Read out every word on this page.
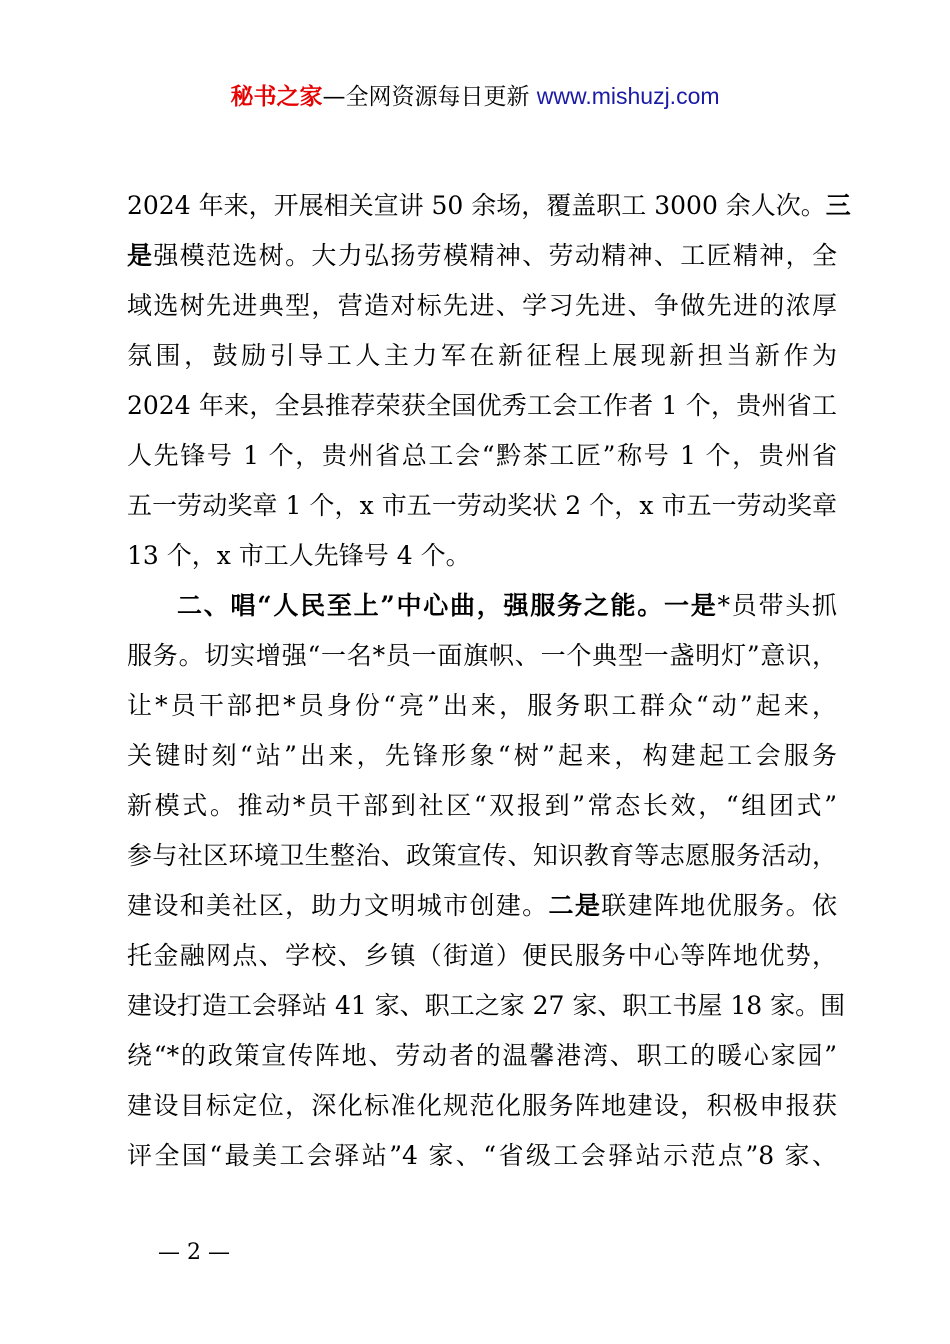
秘书之家—全网资源每日更新 www.mishuzj.com
2024 年来，开展相关宣讲 50 余场，覆盖职工 3000 余人次。三
是强模范选树。大力弘扬劳模精神、劳动精神、工匠精神，全
域选树先进典型，营造对标先进、学习先进、争做先进的浓厚
氛围，鼓励引导工人主力军在新征程上展现新担当新作为
2024 年来，全县推荐荣获全国优秀工会工作者 1 个，贵州省工
人先锋号 1 个，贵州省总工会“黔茶工匠”称号 1 个，贵州省
五一劳动奖章 1 个，x 市五一劳动奖状 2 个，x 市五一劳动奖章
13 个，x 市工人先锋号 4 个。
二、唱“人民至上”中心曲，强服务之能。一是*员带头抓
服务。切实增强“一名*员一面旗帜、一个典型一盏明灯”意识，
让*员干部把*员身份“亮”出来，服务职工群众“动”起来，
关键时刻“站”出来，先锋形象“树”起来，构建起工会服务
新模式。推动*员干部到社区“双报到”常态长效，“组团式”
参与社区环境卫生整治、政策宣传、知识教育等志愿服务活动，
建设和美社区，助力文明城市创建。二是联建阵地优服务。依
托金融网点、学校、乡镇（街道）便民服务中心等阵地优势，
建设打造工会驿站 41 家、职工之家 27 家、职工书屋 18 家。围
绕“*的政策宣传阵地、劳动者的温馨港湾、职工的暖心家园”
建设目标定位，深化标准化规范化服务阵地建设，积极申报获
评全国“最美工会驿站”4 家、“省级工会驿站示范点”8 家、
— 2 —
